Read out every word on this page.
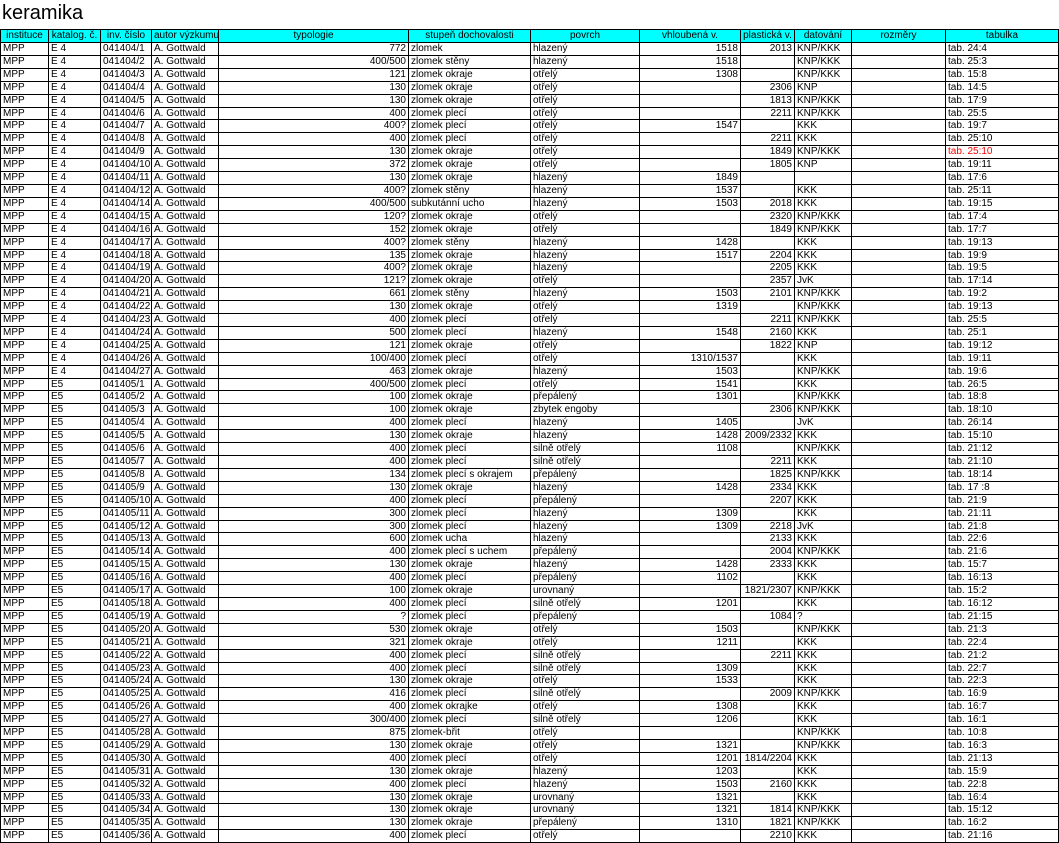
keramika
instituce	katalog. č.	inv. číslo	autor výzkumu	typologie	stupeň dochovalosti	povrch	vhloubená v.	plastická v.	datování	rozměry	tabulka
MPP	E 4	041404/1	A. Gottwald	772	zlomek	hlazený	1518	2013	KNP/KKK		tab. 24:4
MPP	E 4	041404/2	A. Gottwald	400/500	zlomek stěny	hlazený	1518		KNP/KKK		tab. 25:3
MPP	E 4	041404/3	A. Gottwald	121	zlomek okraje	otřelý	1308		KNP/KKK		tab. 15:8
MPP	E 4	041404/4	A. Gottwald	130	zlomek okraje	otřelý		2306	KNP		tab. 14:5
MPP	E 4	041404/5	A. Gottwald	130	zlomek okraje	otřelý		1813	KNP/KKK		tab. 17:9
MPP	E 4	041404/6	A. Gottwald	400	zlomek plecí	otřelý		2211	KNP/KKK		tab. 25:5
MPP	E 4	041404/7	A. Gottwald	400?	zlomek plecí	otřelý	1547		KKK		tab. 19:7
MPP	E 4	041404/8	A. Gottwald	400	zlomek plecí	otřelý		2211	KKK		tab. 25:10
MPP	E 4	041404/9	A. Gottwald	130	zlomek okraje	otřelý		1849	KNP/KKK		tab. 25:10
MPP	E 4	041404/10	A. Gottwald	372	zlomek okraje	otřelý		1805	KNP		tab. 19:11
MPP	E 4	041404/11	A. Gottwald	130	zlomek okraje	hlazený	1849				tab. 17:6
MPP	E 4	041404/12	A. Gottwald	400?	zlomek stěny	hlazený	1537		KKK		tab. 25:11
MPP	E 4	041404/14	A. Gottwald	400/500	subkutánní ucho	hlazený	1503	2018	KKK		tab. 19:15
MPP	E 4	041404/15	A. Gottwald	120?	zlomek okraje	otřelý		2320	KNP/KKK		tab. 17:4
MPP	E 4	041404/16	A. Gottwald	152	zlomek okraje	otřelý		1849	KNP/KKK		tab. 17:7
MPP	E 4	041404/17	A. Gottwald	400?	zlomek stěny	hlazený	1428		KKK		tab. 19:13
MPP	E 4	041404/18	A. Gottwald	135	zlomek okraje	hlazený	1517	2204	KKK		tab. 19:9
MPP	E 4	041404/19	A. Gottwald	400?	zlomek okraje	hlazený		2205	KKK		tab. 19:5
MPP	E 4	041404/20	A. Gottwald	121?	zlomek okraje	otřelý		2357	JvK		tab. 17:14
MPP	E 4	041404/21	A. Gottwald	661	zlomek stěny	hlazený	1503	2101	KNP/KKK		tab. 19:2
MPP	E 4	041404/22	A. Gottwald	130	zlomek okraje	otřelý	1319		KNP/KKK		tab. 19:13
MPP	E 4	041404/23	A. Gottwald	400	zlomek plecí	otřelý		2211	KNP/KKK		tab. 25:5
MPP	E 4	041404/24	A. Gottwald	500	zlomek plecí	hlazený	1548	2160	KKK		tab. 25:1
MPP	E 4	041404/25	A. Gottwald	121	zlomek okraje	otřelý		1822	KNP		tab. 19:12
MPP	E 4	041404/26	A. Gottwald	100/400	zlomek plecí	otřelý	1310/1537		KKK		tab. 19:11
MPP	E 4	041404/27	A. Gottwald	463	zlomek okraje	hlazený	1503		KNP/KKK		tab. 19:6
MPP	E5	041405/1	A. Gottwald	400/500	zlomek plecí	otřelý	1541		KKK		tab. 26:5
MPP	E5	041405/2	A. Gottwald	100	zlomek okraje	přepálený	1301		KNP/KKK		tab. 18:8
MPP	E5	041405/3	A. Gottwald	100	zlomek okraje	zbytek engoby		2306	KNP/KKK		tab. 18:10
MPP	E5	041405/4	A. Gottwald	400	zlomek plecí	hlazený	1405		JvK		tab. 26:14
MPP	E5	041405/5	A. Gottwald	130	zlomek okraje	hlazený	1428	2009/2332	KKK		tab. 15:10
MPP	E5	041405/6	A. Gottwald	400	zlomek plecí	silně otřelý	1108		KNP/KKK		tab. 21:12
MPP	E5	041405/7	A. Gottwald	400	zlomek plecí	silně otřelý		2211	KKK		tab. 21:10
MPP	E5	041405/8	A. Gottwald	134	zlomek plecí s okrajem	přepálený		1825	KNP/KKK		tab. 18:14
MPP	E5	041405/9	A. Gottwald	130	zlomek okraje	hlazený	1428	2334	KKK		tab. 17 :8
MPP	E5	041405/10	A. Gottwald	400	zlomek plecí	přepálený		2207	KKK		tab. 21:9
MPP	E5	041405/11	A. Gottwald	300	zlomek plecí	hlazený	1309		KKK		tab. 21:11
MPP	E5	041405/12	A. Gottwald	300	zlomek plecí	hlazený	1309	2218	JvK		tab. 21:8
MPP	E5	041405/13	A. Gottwald	600	zlomek ucha	hlazený		2133	KKK		tab. 22:6
MPP	E5	041405/14	A. Gottwald	400	zlomek plecí s uchem	přepálený		2004	KNP/KKK		tab. 21:6
MPP	E5	041405/15	A. Gottwald	130	zlomek okraje	hlazený	1428	2333	KKK		tab. 15:7
MPP	E5	041405/16	A. Gottwald	400	zlomek plecí	přepálený	1102		KKK		tab. 16:13
MPP	E5	041405/17	A. Gottwald	100	zlomek okraje	urovnaný		1821/2307	KNP/KKK		tab. 15:2
MPP	E5	041405/18	A. Gottwald	400	zlomek plecí	silně otřelý	1201		KKK		tab. 16:12
MPP	E5	041405/19	A. Gottwald	?	zlomek plecí	přepálený		1084	?		tab. 21:15
MPP	E5	041405/20	A. Gottwald	530	zlomek okraje	otřelý	1503		KNP/KKK		tab. 21:3
MPP	E5	041405/21	A. Gottwald	321	zlomek okraje	otřelý	1211		KKK		tab. 22:4
MPP	E5	041405/22	A. Gottwald	400	zlomek plecí	silně otřelý		2211	KKK		tab. 21:2
MPP	E5	041405/23	A. Gottwald	400	zlomek plecí	silně otřelý	1309		KKK		tab. 22:7
MPP	E5	041405/24	A. Gottwald	130	zlomek okraje	otřelý	1533		KKK		tab. 22:3
MPP	E5	041405/25	A. Gottwald	416	zlomek plecí	silně otřelý		2009	KNP/KKK		tab. 16:9
MPP	E5	041405/26	A. Gottwald	400	zlomek okrajke	otřelý	1308		KKK		tab. 16:7
MPP	E5	041405/27	A. Gottwald	300/400	zlomek plecí	silně otřelý	1206		KKK		tab. 16:1
MPP	E5	041405/28	A. Gottwald	875	zlomek-břit	otřelý			KNP/KKK		tab. 10:8
MPP	E5	041405/29	A. Gottwald	130	zlomek okraje	otřelý	1321		KNP/KKK		tab. 16:3
MPP	E5	041405/30	A. Gottwald	400	zlomek plecí	otřelý	1201	1814/2204	KKK		tab. 21:13
MPP	E5	041405/31	A. Gottwald	130	zlomek okraje	hlazený	1203		KKK		tab. 15:9
MPP	E5	041405/32	A. Gottwald	400	zlomek plecí	hlazený	1503	2160	KKK		tab. 22:8
MPP	E5	041405/33	A. Gottwald	130	zlomek okraje	urovnaný	1321		KKK		tab. 16:4
MPP	E5	041405/34	A. Gottwald	130	zlomek okraje	urovnaný	1321	1814	KNP/KKK		tab. 15:12
MPP	E5	041405/35	A. Gottwald	130	zlomek okraje	přepálený	1310	1821	KNP/KKK		tab. 16:2
MPP	E5	041405/36	A. Gottwald	400	zlomek plecí	otřelý		2210	KKK		tab. 21:16
